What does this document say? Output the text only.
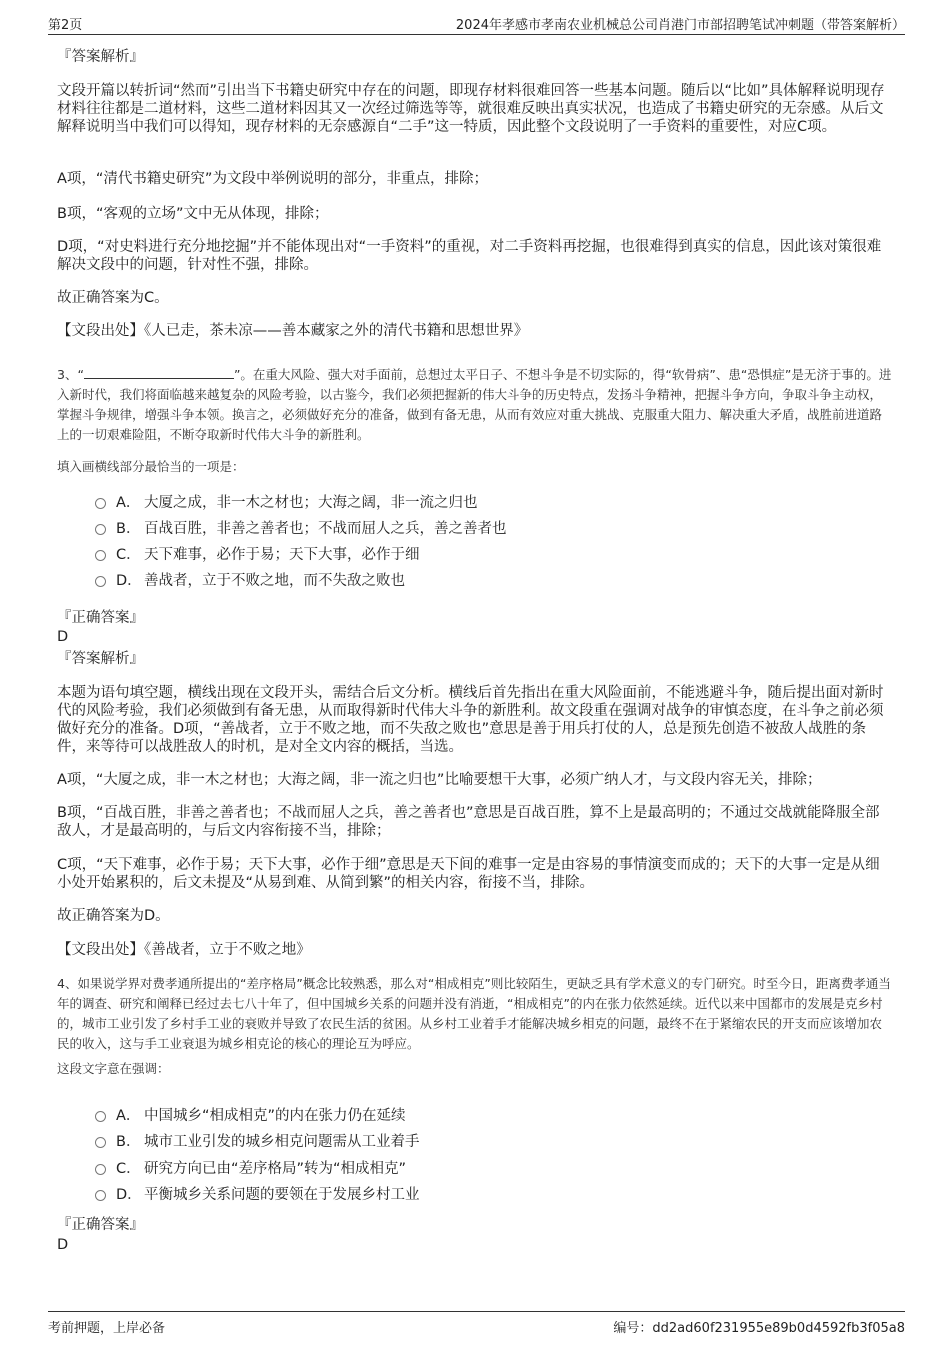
第2页	2024年孝感市孝南农业机械总公司肖港门市部招聘笔试冲刺题（带答案解析）

『答案解析』

文段开篇以转折词“然而”引出当下书籍史研究中存在的问题，即现存材料很难回答一些基本问题。随后以“比如”具体解释说明现存材料往往都是二道材料，这些二道材料因其又一次经过筛选等等，就很难反映出真实状况，也造成了书籍史研究的无奈感。从后文解释说明当中我们可以得知，现存材料的无奈感源自“二手”这一特质，因此整个文段说明了一手资料的重要性，对应C项。

A项，“清代书籍史研究”为文段中举例说明的部分，非重点，排除；

B项，“客观的立场”文中无从体现，排除；

D项，“对史料进行充分地挖掘”并不能体现出对“一手资料”的重视，对二手资料再挖掘，也很难得到真实的信息，因此该对策很难解决文段中的问题，针对性不强，排除。

故正确答案为C。

【文段出处】《人已走，茶未凉——善本藏家之外的清代书籍和思想世界》

3、“	”。在重大风险、强大对手面前，总想过太平日子、不想斗争是不切实际的，得“软骨病”、患“恐惧症”是无济于事的。进入新时代，我们将面临越来越复杂的风险考验，以古鉴今，我们必须把握新的伟大斗争的历史特点，发扬斗争精神，把握斗争方向，争取斗争主动权，掌握斗争规律，增强斗争本领。换言之，必须做好充分的准备，做到有备无患，从而有效应对重大挑战、克服重大阻力、解决重大矛盾，战胜前进道路上的一切艰难险阻，不断夺取新时代伟大斗争的新胜利。

填入画横线部分最恰当的一项是：

A． 大厦之成，非一木之材也；大海之阔，非一流之归也
B． 百战百胜，非善之善者也；不战而屈人之兵，善之善者也
C． 天下难事，必作于易；天下大事，必作于细
D． 善战者，立于不败之地，而不失敌之败也

『正确答案』

D

『答案解析』

本题为语句填空题，横线出现在文段开头，需结合后文分析。横线后首先指出在重大风险面前，不能逃避斗争，随后提出面对新时代的风险考验，我们必须做到有备无患，从而取得新时代伟大斗争的新胜利。故文段重在强调对战争的审慎态度，在斗争之前必须做好充分的准备。D项，“善战者，立于不败之地，而不失敌之败也”意思是善于用兵打仗的人，总是预先创造不被敌人战胜的条件，来等待可以战胜敌人的时机，是对全文内容的概括，当选。

A项，“大厦之成，非一木之材也；大海之阔，非一流之归也”比喻要想干大事，必须广纳人才，与文段内容无关，排除；

B项，“百战百胜，非善之善者也；不战而屈人之兵，善之善者也”意思是百战百胜，算不上是最高明的；不通过交战就能降服全部敌人，才是最高明的，与后文内容衔接不当，排除；

C项，“天下难事，必作于易；天下大事，必作于细”意思是天下间的难事一定是由容易的事情演变而成的；天下的大事一定是从细小处开始累积的，后文未提及“从易到难、从简到繁”的相关内容，衔接不当，排除。

故正确答案为D。

【文段出处】《善战者，立于不败之地》

4、如果说学界对费孝通所提出的“差序格局”概念比较熟悉，那么对“相成相克”则比较陌生，更缺乏具有学术意义的专门研究。时至今日，距离费孝通当年的调查、研究和阐释已经过去七八十年了，但中国城乡关系的问题并没有消逝，“相成相克”的内在张力依然延续。近代以来中国都市的发展是克乡村的，城市工业引发了乡村手工业的衰败并导致了农民生活的贫困。从乡村工业着手才能解决城乡相克的问题，最终不在于紧缩农民的开支而应该增加农民的收入，这与手工业衰退为城乡相克论的核心的理论互为呼应。

这段文字意在强调：

A． 中国城乡“相成相克”的内在张力仍在延续
B． 城市工业引发的城乡相克问题需从工业着手
C． 研究方向已由“差序格局”转为“相成相克”
D． 平衡城乡关系问题的要领在于发展乡村工业

『正确答案』

D

考前押题，上岸必备	编号：dd2ad60f231955e89b0d4592fb3f05a8
